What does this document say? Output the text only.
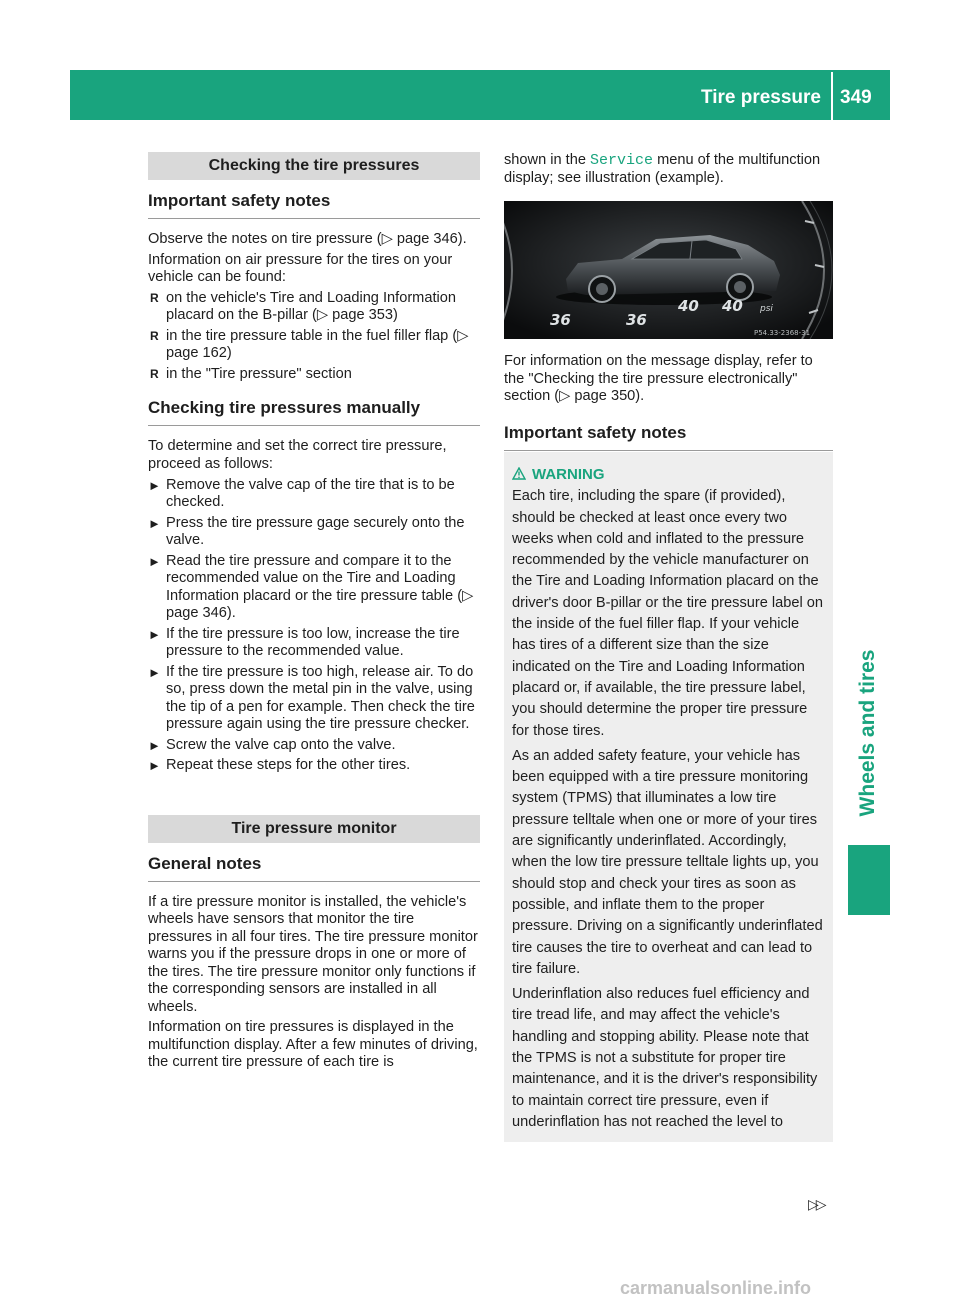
Tire pressure 349
Wheels and tires
Checking the tire pressures
Important safety notes

Observe the notes on tire pressure (▷ page 346).

Information on air pressure for the tires on your vehicle can be found:

R on the vehicle's Tire and Loading Information placard on the B-pillar (▷ page 353)
R in the tire pressure table in the fuel filler flap (▷ page 162)
R in the "Tire pressure" section
Checking tire pressures manually

To determine and set the correct tire pressure, proceed as follows:

► Remove the valve cap of the tire that is to be checked.
► Press the tire pressure gage securely onto the valve.
► Read the tire pressure and compare it to the recommended value on the Tire and Loading Information placard or the tire pressure table (▷ page 346).
► If the tire pressure is too low, increase the tire pressure to the recommended value.
► If the tire pressure is too high, release air. To do so, press down the metal pin in the valve, using the tip of a pen for example. Then check the tire pressure again using the tire pressure checker.
► Screw the valve cap onto the valve.
► Repeat these steps for the other tires.
Tire pressure monitor
General notes

If a tire pressure monitor is installed, the vehicle's wheels have sensors that monitor the tire pressures in all four tires. The tire pressure monitor warns you if the pressure drops in one or more of the tires. The tire pressure monitor only functions if the corresponding sensors are installed in all wheels.

Information on tire pressures is displayed in the multifunction display. After a few minutes of driving, the current tire pressure of each tire is

shown in the Service menu of the multifunction display; see illustration (example).

40 40
36	36
psi
P54.33-2368-31

For information on the message display, refer to the "Checking the tire pressure electronically" section (▷ page 350).

Important safety notes
WARNING

Each tire, including the spare (if provided), should be checked at least once every two weeks when cold and inflated to the pressure recommended by the vehicle manufacturer on the Tire and Loading Information placard on the driver's door B-pillar or the tire pressure label on the inside of the fuel filler flap. If your vehicle has tires of a different size than the size indicated on the Tire and Loading Information placard or, if available, the tire pressure label, you should determine the proper tire pressure for those tires.

As an added safety feature, your vehicle has been equipped with a tire pressure monitoring system (TPMS) that illuminates a low tire pressure telltale when one or more of your tires are significantly underinflated. Accordingly, when the low tire pressure telltale lights up, you should stop and check your tires as soon as possible, and inflate them to the proper pressure. Driving on a significantly underinflated tire causes the tire to overheat and can lead to tire failure.

Underinflation also reduces fuel efficiency and tire tread life, and may affect the vehicle's handling and stopping ability. Please note that the TPMS is not a substitute for proper tire maintenance, and it is the driver's responsibility to maintain correct tire pressure, even if underinflation has not reached the level to

▷▷
carmanualsonline.info
